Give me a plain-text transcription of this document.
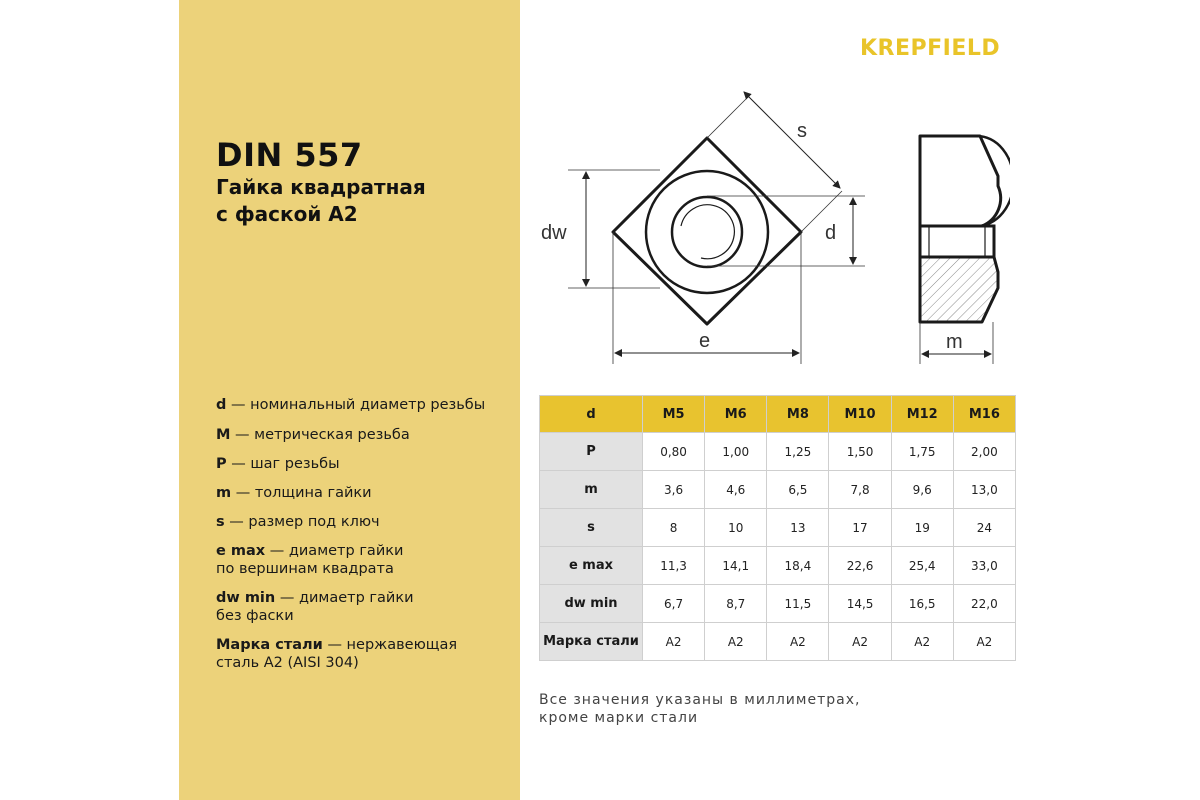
DIN 557
Гайка квадратная
с фаской А2
d — номинальный диаметр резьбы
M — метрическая резьба
P — шаг резьбы
m — толщина гайки
s — размер под ключ
e max — диаметр гайки по вершинам квадрата
dw min — димаетр гайки без фаски
Марка стали — нержавеющая сталь А2 (AISI 304)
KREPFIELD
s
dw	d
e	m
d	M5	M6	M8	M10	M12	M16
P	0,80	1,00	1,25	1,50	1,75	2,00
m	3,6	4,6	6,5	7,8	9,6	13,0
s	8	10	13	17	19	24
e max	11,3	14,1	18,4	22,6	25,4	33,0
dw min	6,7	8,7	11,5	14,5	16,5	22,0
Марка стали	A2	A2	A2	A2	A2	A2
Все значения указаны в миллиметрах,
кроме марки стали
